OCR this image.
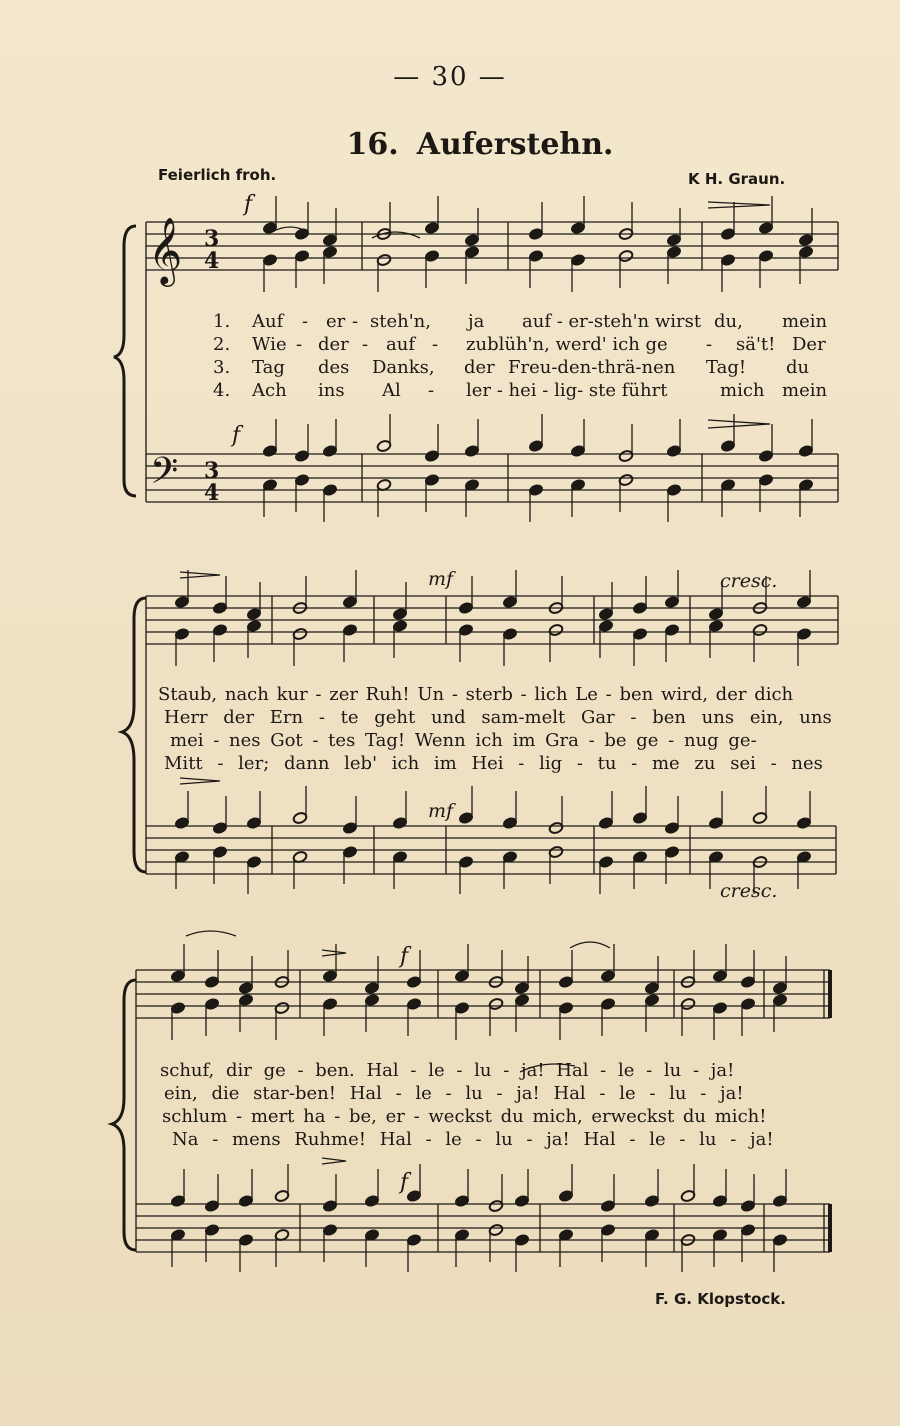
— 30 —
16. Auferstehn.
Feierlich froh.	K H. Graun.
𝄞 3
4
𝄢 3
4
f
f
mf	cresc.
mf
cresc.
f
f
1.
2.
3.
4.
Auf - er - steh'n, ja auf - er-steh'n wirst du, mein
Wie - der - auf - zublüh'n, werd' ich ge - sä't! Der
Tag des Danks, der Freu-den-thrä-nen Tag! du
Ach ins Al - ler - hei - lig- ste führt	mich mein
Staub, nach kur - zer Ruh! Un - sterb - lich Le - ben wird, der dich
Herr der Ern - te geht und sam-melt Gar - ben uns ein, uns
mei - nes Got - tes Tag! Wenn ich im Gra - be ge - nug ge-
Mitt - ler; dann leb' ich im Hei - lig - tu - me zu sei - nes
schuf, dir ge - ben. Hal - le - lu - ja! Hal - le - lu - ja!
ein, die star-ben! Hal - le - lu - ja! Hal - le - lu - ja!
schlum - mert ha - be, er - weckst du mich, erweckst du mich!
Na - mens Ruhme! Hal - le - lu - ja! Hal - le - lu - ja!
F. G. Klopstock.
